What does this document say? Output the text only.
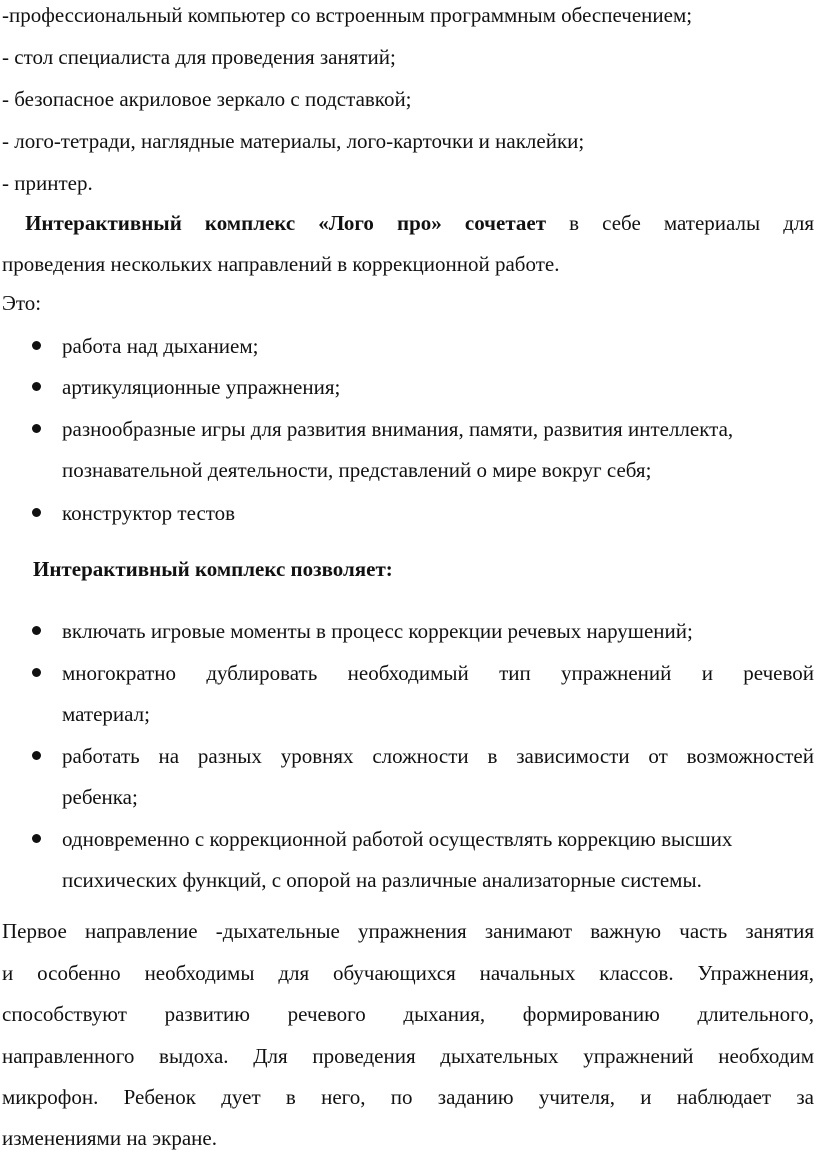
-профессиональный компьютер со встроенным программным обеспечением;
- стол специалиста для проведения занятий;
- безопасное акриловое зеркало с подставкой;
- лого-тетради, наглядные материалы, лого-карточки и наклейки;
- принтер.
Интерактивный комплекс «Лого про» сочетает в себе материалы для
проведения нескольких направлений в коррекционной работе.
Это:
работа над дыханием;
артикуляционные упражнения;
разнообразные игры для развития внимания, памяти, развития интеллекта,
познавательной деятельности, представлений о мире вокруг себя;
конструктор тестов
Интерактивный комплекс позволяет:
включать игровые моменты в процесс коррекции речевых нарушений;
многократно дублировать необходимый тип упражнений и речевой
материал;
работать на разных уровнях сложности в зависимости от возможностей
ребенка;
одновременно с коррекционной работой осуществлять коррекцию высших
психических функций, с опорой на различные анализаторные системы.
Первое направление -дыхательные упражнения занимают важную часть занятия
и особенно необходимы для обучающихся начальных классов. Упражнения,
способствуют развитию речевого дыхания, формированию длительного,
направленного выдоха. Для проведения дыхательных упражнений необходим
микрофон. Ребенок дует в него, по заданию учителя, и наблюдает за
изменениями на экране.
